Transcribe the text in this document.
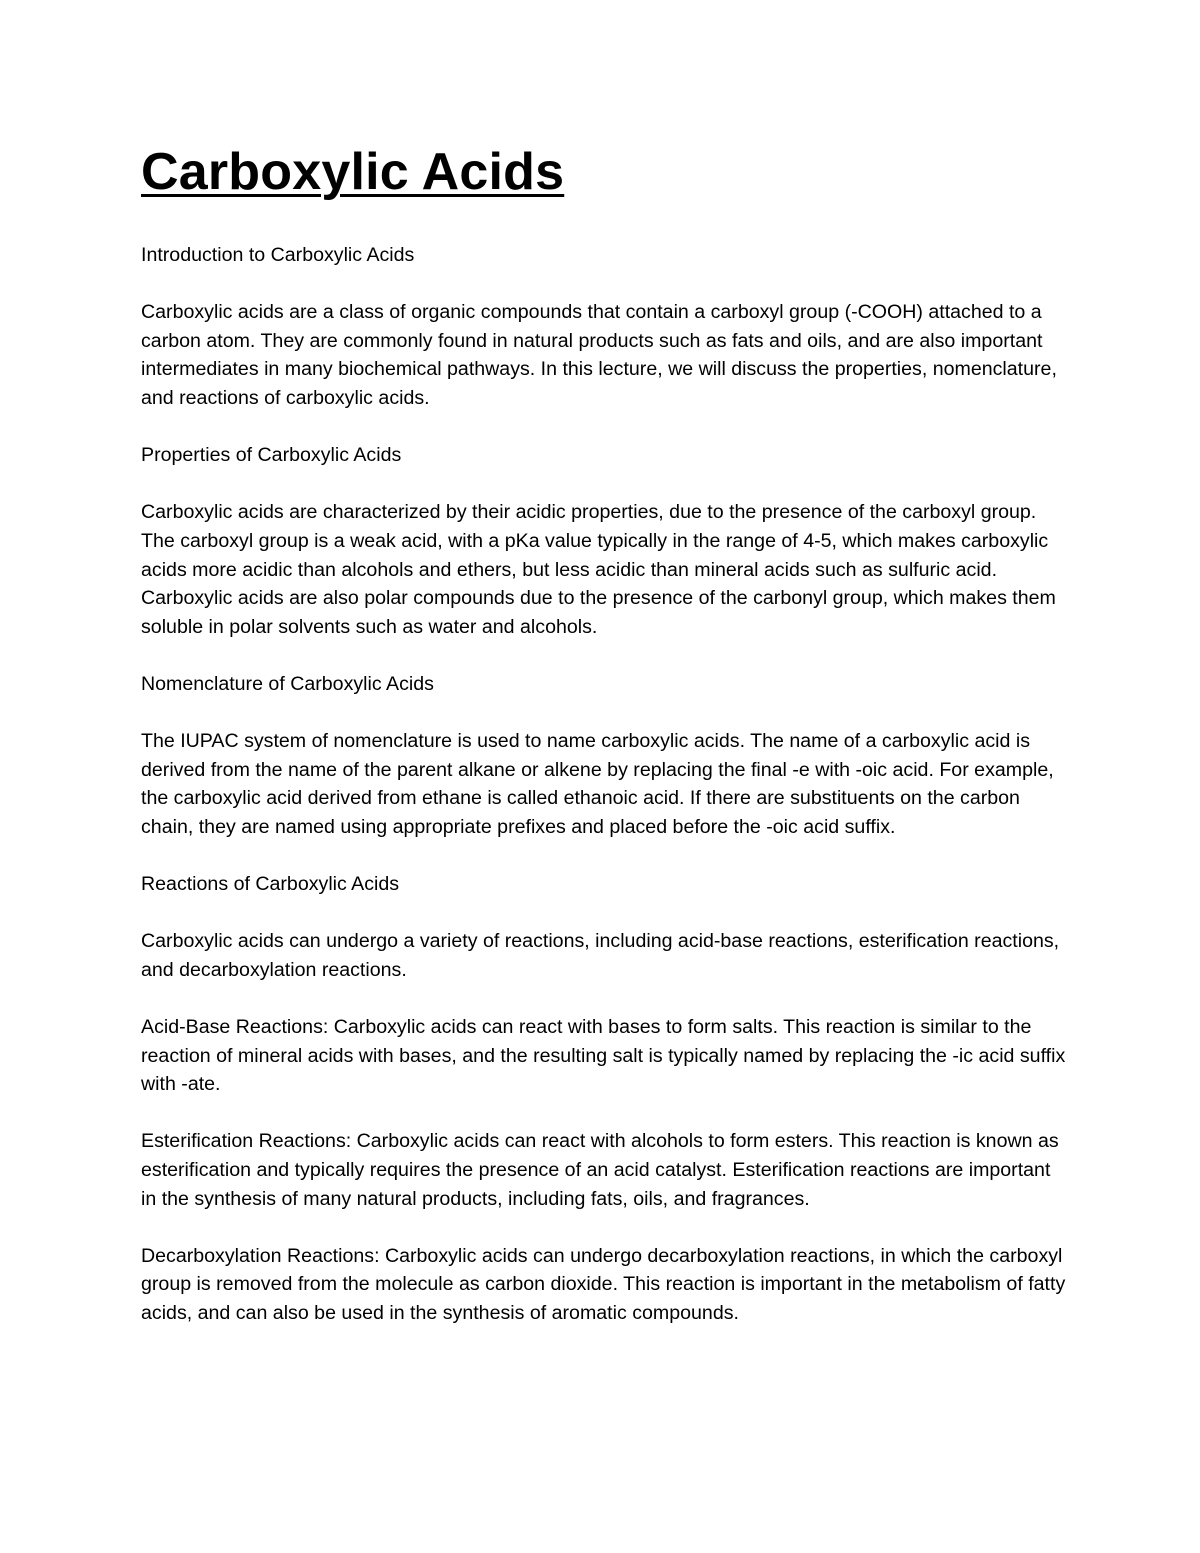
Carboxylic Acids

Introduction to Carboxylic Acids

Carboxylic acids are a class of organic compounds that contain a carboxyl group (-COOH) attached to a carbon atom. They are commonly found in natural products such as fats and oils, and are also important intermediates in many biochemical pathways. In this lecture, we will discuss the properties, nomenclature, and reactions of carboxylic acids.

Properties of Carboxylic Acids

Carboxylic acids are characterized by their acidic properties, due to the presence of the carboxyl group. The carboxyl group is a weak acid, with a pKa value typically in the range of 4-5, which makes carboxylic acids more acidic than alcohols and ethers, but less acidic than mineral acids such as sulfuric acid. Carboxylic acids are also polar compounds due to the presence of the carbonyl group, which makes them soluble in polar solvents such as water and alcohols.

Nomenclature of Carboxylic Acids

The IUPAC system of nomenclature is used to name carboxylic acids. The name of a carboxylic acid is derived from the name of the parent alkane or alkene by replacing the final -e with -oic acid. For example, the carboxylic acid derived from ethane is called ethanoic acid. If there are substituents on the carbon chain, they are named using appropriate prefixes and placed before the -oic acid suffix.

Reactions of Carboxylic Acids

Carboxylic acids can undergo a variety of reactions, including acid-base reactions, esterification reactions, and decarboxylation reactions.

Acid-Base Reactions: Carboxylic acids can react with bases to form salts. This reaction is similar to the reaction of mineral acids with bases, and the resulting salt is typically named by replacing the -ic acid suffix with -ate.

Esterification Reactions: Carboxylic acids can react with alcohols to form esters. This reaction is known as esterification and typically requires the presence of an acid catalyst. Esterification reactions are important in the synthesis of many natural products, including fats, oils, and fragrances.

Decarboxylation Reactions: Carboxylic acids can undergo decarboxylation reactions, in which the carboxyl group is removed from the molecule as carbon dioxide. This reaction is important in the metabolism of fatty acids, and can also be used in the synthesis of aromatic compounds.
